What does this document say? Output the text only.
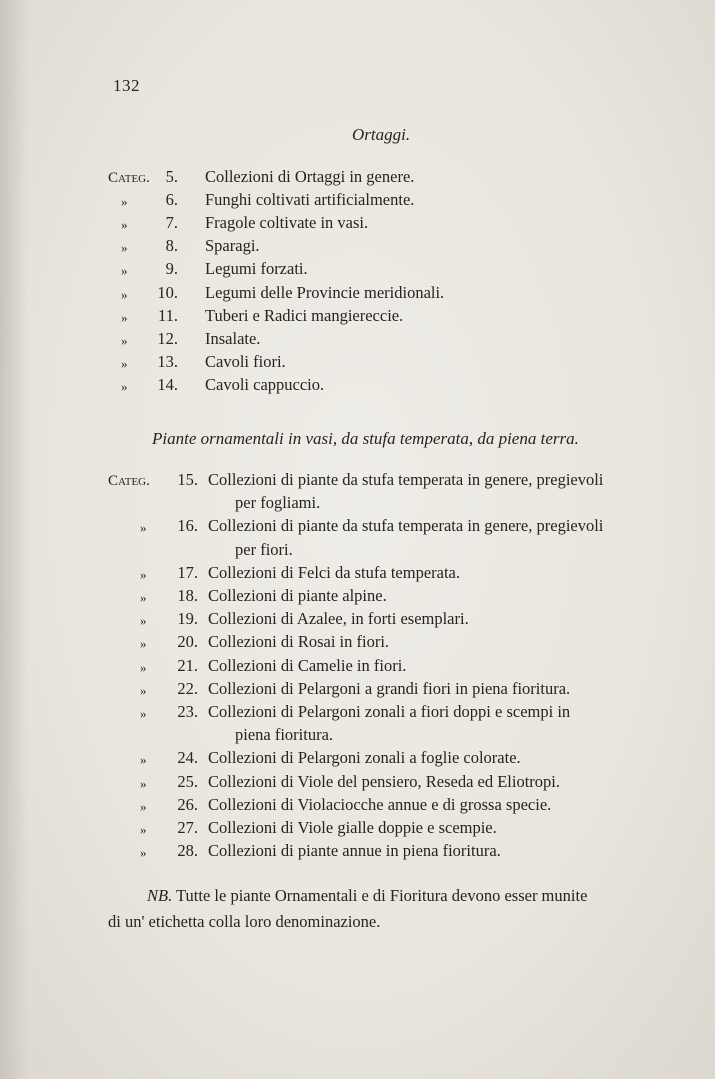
132
Ortaggi.
Categ. 5. Collezioni di Ortaggi in genere.
»	6. Funghi coltivati artificialmente.
»	7. Fragole coltivate in vasi.
»	8. Sparagi.
»	9. Legumi forzati.
»	10. Legumi delle Provincie meridionali.
»	11. Tuberi e Radici mangiereccie.
»	12. Insalate.
»	13. Cavoli fiori.
»	14. Cavoli cappuccio.
Piante ornamentali in vasi, da stufa temperata, da piena terra.
Categ.	15. Collezioni di piante da stufa temperata in genere, pregievoli
per fogliami.
»	16. Collezioni di piante da stufa temperata in genere, pregievoli
per fiori.
»	17. Collezioni di Felci da stufa temperata.
»	18. Collezioni di piante alpine.
»	19. Collezioni di Azalee, in forti esemplari.
»	20. Collezioni di Rosai in fiori.
»	21. Collezioni di Camelie in fiori.
»	22. Collezioni di Pelargoni a grandi fiori in piena fioritura.
»	23. Collezioni di Pelargoni zonali a fiori doppi e scempi in
piena fioritura.
»	24. Collezioni di Pelargoni zonali a foglie colorate.
»	25. Collezioni di Viole del pensiero, Reseda ed Eliotropi.
»	26. Collezioni di Violaciocche annue e di grossa specie.
»	27. Collezioni di Viole gialle doppie e scempie.
»	28. Collezioni di piante annue in piena fioritura.
NB. Tutte le piante Ornamentali e di Fioritura devono esser munite
di un' etichetta colla loro denominazione.
